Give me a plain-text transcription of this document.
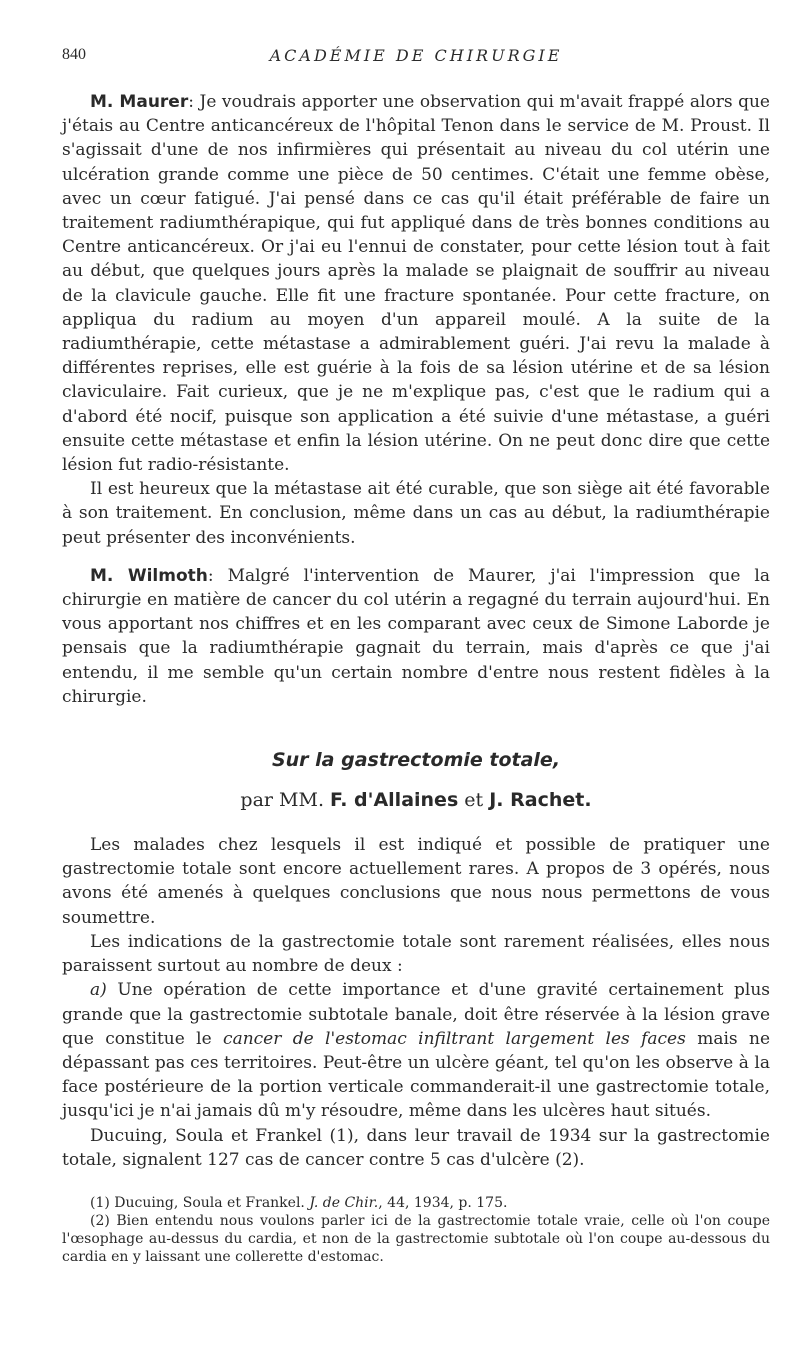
840	ACADÉMIE DE CHIRURGIE

M. Maurer: Je voudrais apporter une observation qui m'avait frappé alors que j'étais au Centre anticancéreux de l'hôpital Tenon dans le service de M. Proust. Il s'agissait d'une de nos infirmières qui présentait au niveau du col utérin une ulcération grande comme une pièce de 50 centimes. C'était une femme obèse, avec un cœur fatigué. J'ai pensé dans ce cas qu'il était préférable de faire un traitement radiumthérapique, qui fut appliqué dans de très bonnes conditions au Centre anticancéreux. Or j'ai eu l'ennui de constater, pour cette lésion tout à fait au début, que quelques jours après la malade se plaignait de souffrir au niveau de la clavicule gauche. Elle fit une fracture spontanée. Pour cette fracture, on appliqua du radium au moyen d'un appareil moulé. A la suite de la radiumthérapie, cette métastase a admirablement guéri. J'ai revu la malade à différentes reprises, elle est guérie à la fois de sa lésion utérine et de sa lésion claviculaire. Fait curieux, que je ne m'explique pas, c'est que le radium qui a d'abord été nocif, puisque son application a été suivie d'une métastase, a guéri ensuite cette métastase et enfin la lésion utérine. On ne peut donc dire que cette lésion fut radio-résistante.

Il est heureux que la métastase ait été curable, que son siège ait été favorable à son traitement. En conclusion, même dans un cas au début, la radiumthérapie peut présenter des inconvénients.

M. Wilmoth: Malgré l'intervention de Maurer, j'ai l'impression que la chirurgie en matière de cancer du col utérin a regagné du terrain aujourd'hui. En vous apportant nos chiffres et en les comparant avec ceux de Simone Laborde je pensais que la radiumthérapie gagnait du terrain, mais d'après ce que j'ai entendu, il me semble qu'un certain nombre d'entre nous restent fidèles à la chirurgie.

Sur la gastrectomie totale,
par MM. F. d'Allaines et J. Rachet.

Les malades chez lesquels il est indiqué et possible de pratiquer une gastrectomie totale sont encore actuellement rares. A propos de 3 opérés, nous avons été amenés à quelques conclusions que nous nous permettons de vous soumettre.

Les indications de la gastrectomie totale sont rarement réalisées, elles nous paraissent surtout au nombre de deux :

a) Une opération de cette importance et d'une gravité certainement plus grande que la gastrectomie subtotale banale, doit être réservée à la lésion grave que constitue le cancer de l'estomac infiltrant largement les faces mais ne dépassant pas ces territoires. Peut-être un ulcère géant, tel qu'on les observe à la face postérieure de la portion verticale commanderait-il une gastrectomie totale, jusqu'ici je n'ai jamais dû m'y résoudre, même dans les ulcères haut situés.

Ducuing, Soula et Frankel (1), dans leur travail de 1934 sur la gastrectomie totale, signalent 127 cas de cancer contre 5 cas d'ulcère (2).

(1) Ducuing, Soula et Frankel. J. de Chir., 44, 1934, p. 175.

(2) Bien entendu nous voulons parler ici de la gastrectomie totale vraie, celle où l'on coupe l'œsophage au-dessus du cardia, et non de la gastrectomie subtotale où l'on coupe au-dessous du cardia en y laissant une collerette d'estomac.
